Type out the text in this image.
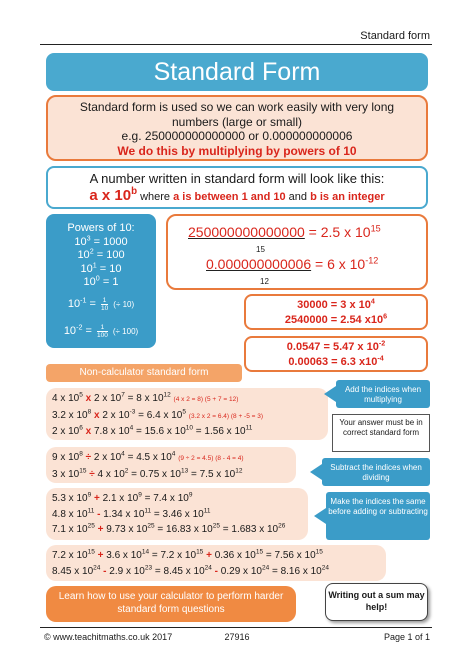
Standard form
Standard Form
Standard form is used so we can work easily with very long
numbers (large or small)
e.g. 250000000000000 or 0.000000000006
We do this by multiplying by powers of 10
A number written in standard form will look like this:
a x 10$^b$ where a is between 1 and 10 and b is an integer
Powers of 10:
$10^3 = 1000$
$10^2 = 100$
$10^1 = 10$
$10^0 = 1$
$10^{-1} = \frac{1}{10}$ (÷ 10)
$10^{-2} = \frac{1}{100}$ (÷ 100)
250000000000000 = 2.5 x $10^{15}$
15
0.000000000006 = 6 x $10^{-12}$
12
30000 = 3 x $10^4$
2540000 = 2.54 $x10^6$
0.0547 = 5.47 x $10^{-2}$
0.00063 = 6.3 $x10^{-4}$
Non-calculator standard form
4 x $10^5$ x 2 x $10^7 = 8$ x $10^{12}$ (4 x 2 = 8) (5 + 7 = 12)
3.2 x $10^8$ x 2 x $10^{-3} = 6.4$ x $10^5$ (3.2 x 2 = 6.4) (8 + -5 = 3)
2 x $10^6$ x 7.8 x $10^4 = 15.6$ x $10^{10} = 1.56$ x $10^{11}$
9 x $10^8 \div 2$ x $10^4 = 4.5$ x $10^4$ (9 ÷ 2 = 4.5) (8 - 4 = 4)
3 x $10^{15} \div 4$ x $10^2 = 0.75$ x $10^{13} = 7.5$ x $10^{12}$
5.3 x $10^9 + 2.1$ x $10^9 = 7.4$ x $10^9$
4.8 x $10^{11} - 1.34$ x $10^{11} = 3.46$ x $10^{11}$
7.1 x $10^{25} + 9.73$ x $10^{25} = 16.83$ x $10^{25} = 1.683$ x $10^{26}$
7.2 x $10^{15} + 3.6$ x $10^{14} = 7.2$ x $10^{15} + 0.36$ x $10^{15} = 7.56$ x $10^{15}$
8.45 x $10^{24} - 2.9$ x $10^{23} = 8.45$ x $10^{24} - 0.29$ x $10^{24} = 8.16$ x $10^{24}$
Add the indices when multiplying
Your answer must be in correct standard form
Subtract the indices when dividing
Make the indices the same before adding or subtracting
Learn how to use your calculator to perform harder standard form questions
Writing out a sum may help!
© www.teachitmaths.co.uk 2017	27916	Page 1 of 1
